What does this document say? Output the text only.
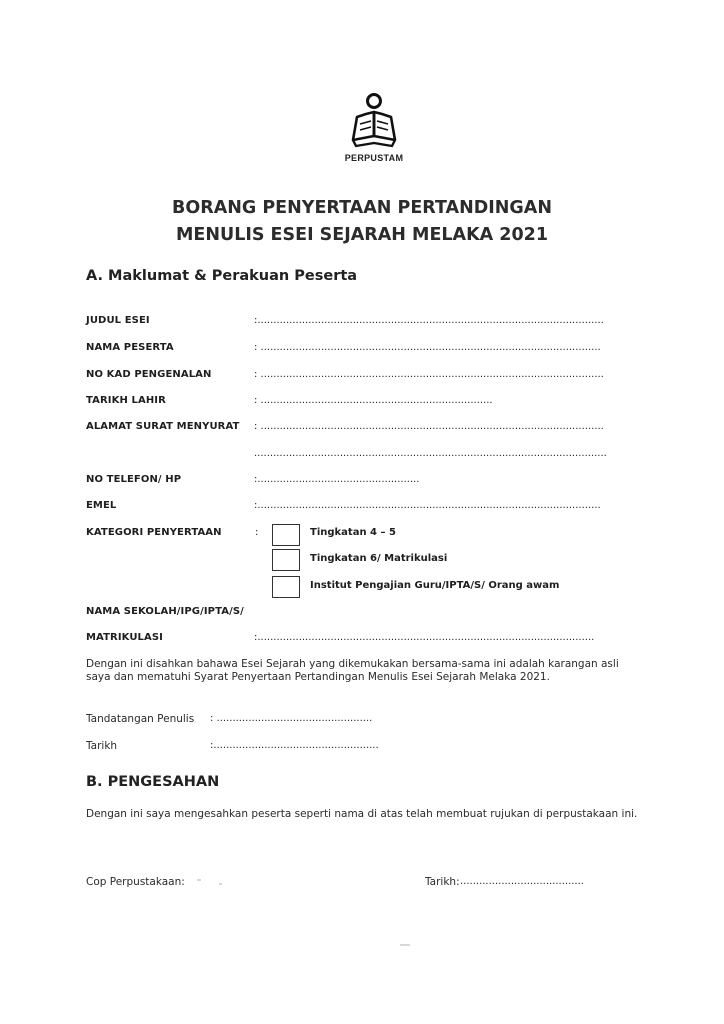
PERPUSTAM
BORANG PENYERTAAN PERTANDINGAN
MENULIS ESEI SEJARAH MELAKA 2021
A. Maklumat & Perakuan Peserta
JUDUL ESEI	:.............................................................................................................
NAMA PESERTA	: ...........................................................................................................
NO KAD PENGENALAN	: ............................................................................................................
TARIKH LAHIR	: .........................................................................
ALAMAT SURAT MENYURAT : ............................................................................................................
...............................................................................................................
NO TELEFON/ HP	:...................................................
EMEL	:............................................................................................................
KATEGORI PENYERTAAN	:	Tingkatan 4 – 5
Tingkatan 6/ Matrikulasi
Institut Pengajian Guru/IPTA/S/ Orang awam
NAMA SEKOLAH/IPG/IPTA/S/
MATRIKULASI	:..........................................................................................................
Dengan ini disahkan bahawa Esei Sejarah yang dikemukakan bersama-sama ini adalah karangan asli saya dan mematuhi Syarat Penyertaan Pertandingan Menulis Esei Sejarah Melaka 2021.
Tandatangan Penulis : .................................................
Tarikh	:....................................................
B. PENGESAHAN
Dengan ini saya mengesahkan peserta seperti nama di atas telah membuat rujukan di perpustakaan ini.
Cop Perpustakaan:	Tarikh: .......................................
